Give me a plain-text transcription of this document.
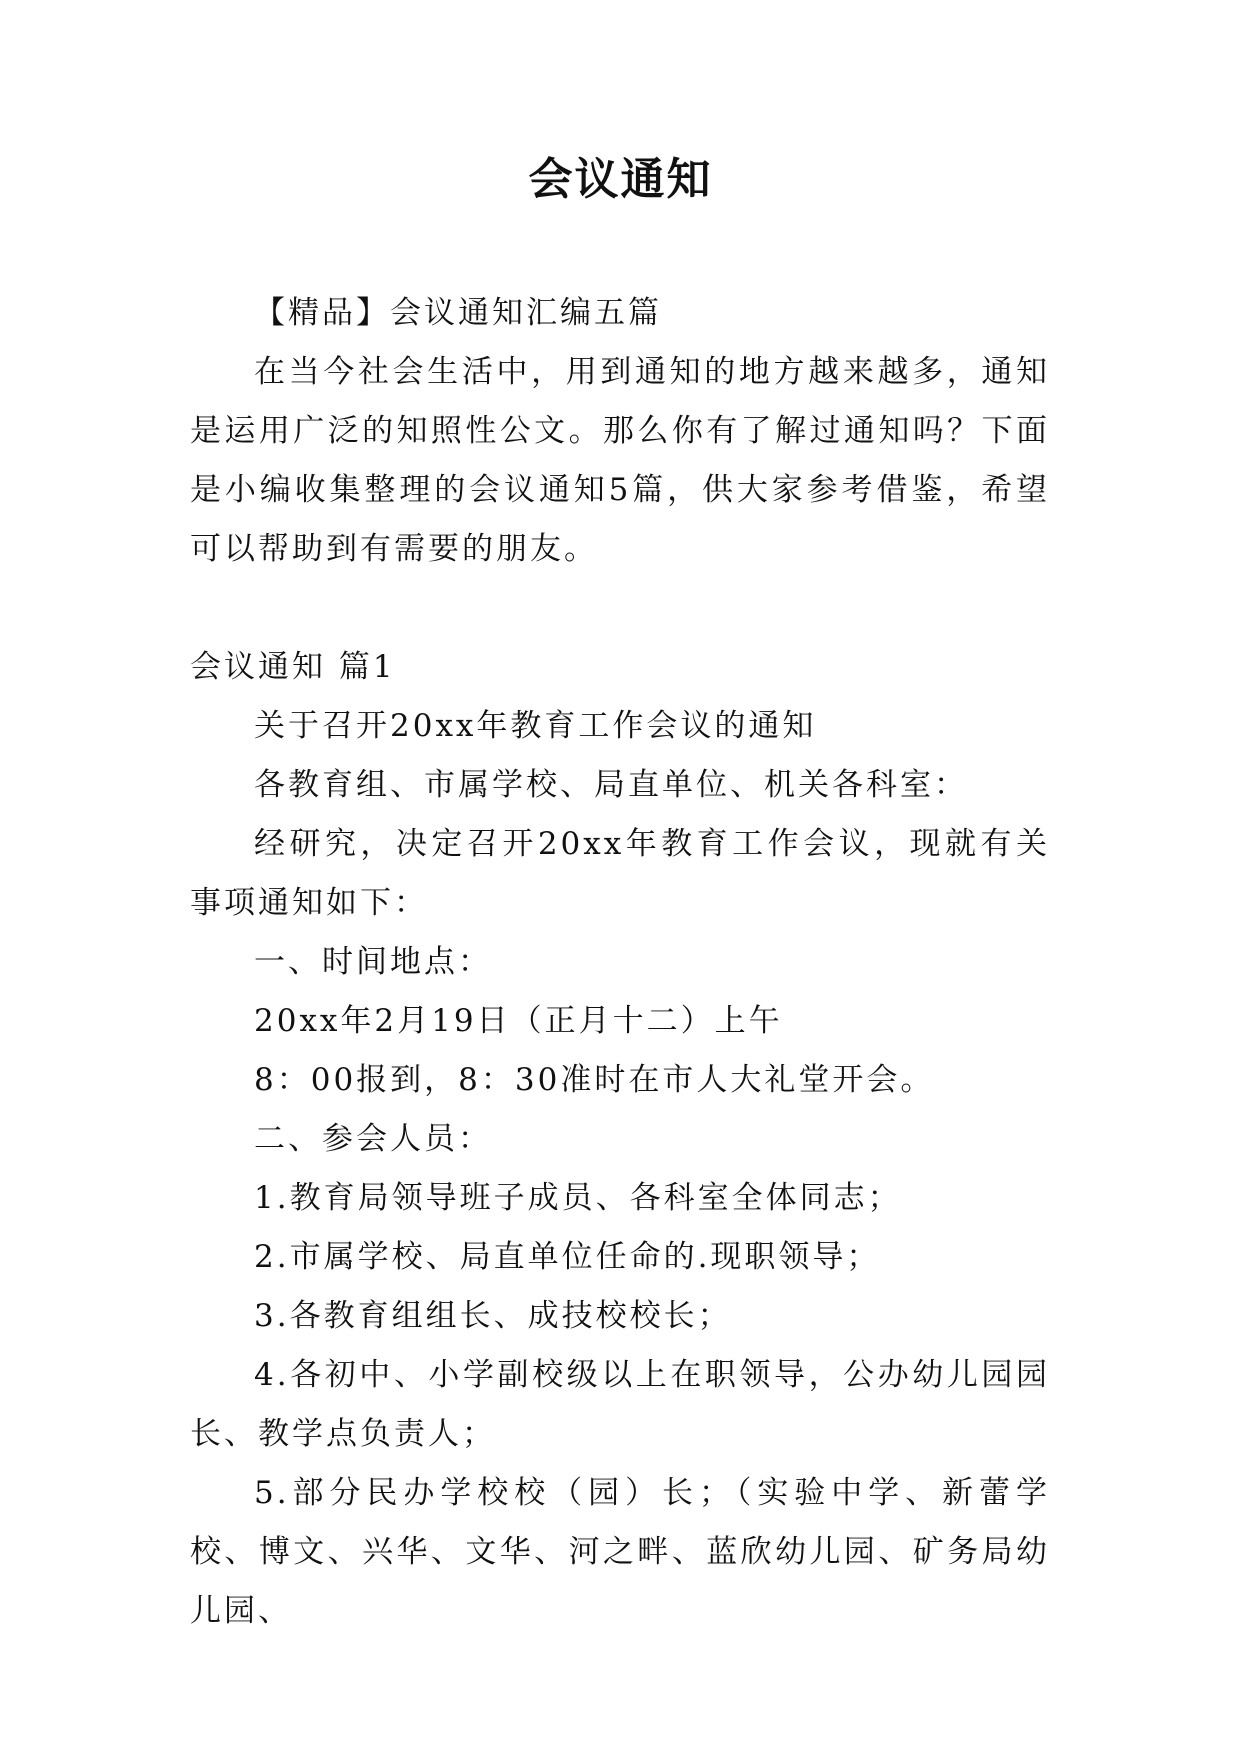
会议通知

【精品】会议通知汇编五篇

在当今社会生活中，用到通知的地方越来越多，通知是运用广泛的知照性公文。那么你有了解过通知吗？下面是小编收集整理的会议通知5篇，供大家参考借鉴，希望可以帮助到有需要的朋友。

会议通知 篇1

关于召开20xx年教育工作会议的通知

各教育组、市属学校、局直单位、机关各科室：

经研究，决定召开20xx年教育工作会议，现就有关事项通知如下：

一、时间地点：

20xx年2月19日（正月十二）上午

8：00报到，8：30准时在市人大礼堂开会。

二、参会人员：

1.教育局领导班子成员、各科室全体同志；

2.市属学校、局直单位任命的.现职领导；

3.各教育组组长、成技校校长；

4.各初中、小学副校级以上在职领导，公办幼儿园园长、教学点负责人；

5.部分民办学校校（园）长；（实验中学、新蕾学校、博文、兴华、文华、河之畔、蓝欣幼儿园、矿务局幼儿园、
